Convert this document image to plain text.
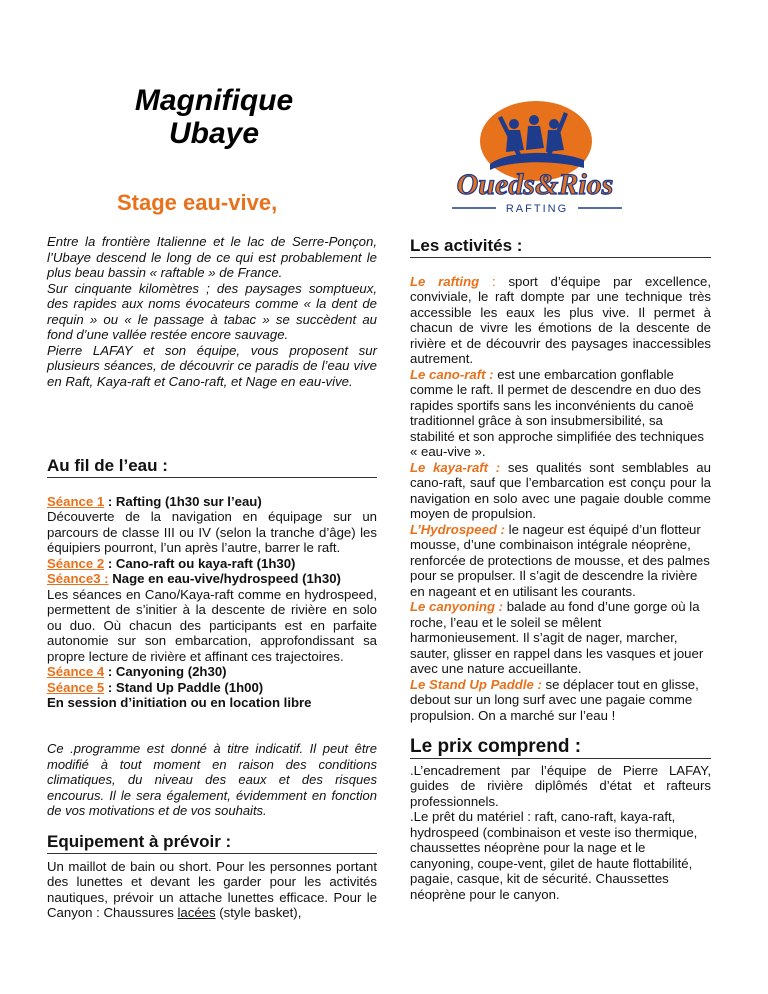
Magnifique
Ubaye
Stage eau-vive,
Oueds&Rios
RAFTING

Entre la frontière Italienne et le lac de Serre-Ponçon, l’Ubaye descend le long de ce qui est probablement le plus beau bassin « raftable » de France.

Sur cinquante kilomètres ; des paysages somptueux, des rapides aux noms évocateurs comme « la dent de requin » ou « le passage à tabac » se succèdent au fond d’une vallée restée encore sauvage.

Pierre LAFAY et son équipe, vous proposent sur plusieurs séances, de découvrir ce paradis de l’eau vive en Raft, Kaya-raft et Cano-raft, et Nage en eau-vive.

Au fil de l’eau :

Séance 1 : Rafting (1h30 sur l’eau)

Découverte de la navigation en équipage sur un parcours de classe III ou IV (selon la tranche d’âge) les équipiers pourront, l’un après l’autre, barrer le raft.

Séance 2 : Cano-raft ou kaya-raft (1h30)

Séance3 : Nage en eau-vive/hydrospeed (1h30)

Les séances en Cano/Kaya-raft comme en hydrospeed, permettent de s’initier à la descente de rivière en solo ou duo. Où chacun des participants est en parfaite autonomie sur son embarcation, approfondissant sa propre lecture de rivière et affinant ces trajectoires.

Séance 4 : Canyoning (2h30)

Séance 5 : Stand Up Paddle (1h00)

En session d’initiation ou en location libre

Ce .programme est donné à titre indicatif. Il peut être modifié à tout moment en raison des conditions climatiques, du niveau des eaux et des risques encourus. Il le sera également, évidemment en fonction de vos motivations et de vos souhaits.
Equipement à prévoir :

Un maillot de bain ou short. Pour les personnes portant des lunettes et devant les garder pour les activités nautiques, prévoir un attache lunettes efficace. Pour le Canyon : Chaussures lacées (style basket),

Les activités :

Le rafting : sport d’équipe par excellence, conviviale, le raft dompte par une technique très accessible les eaux les plus vive. Il permet à chacun de vivre les émotions de la descente de rivière et de découvrir des paysages inaccessibles autrement.

Le cano-raft : est une embarcation gonflable comme le raft. Il permet de descendre en duo des rapides sportifs sans les inconvénients du canoë traditionnel grâce à son insubmersibilité, sa stabilité et son approche simplifiée des techniques « eau-vive ».

Le kaya-raft : ses qualités sont semblables au cano-raft, sauf que l’embarcation est conçu pour la navigation en solo avec une pagaie double comme moyen de propulsion.

L’Hydrospeed : le nageur est équipé d’un flotteur mousse, d’une combinaison intégrale néoprène, renforcée de protections de mousse, et des palmes pour se propulser. Il s’agit de descendre la rivière en nageant et en utilisant les courants.

Le canyoning : balade au fond d’une gorge où la roche, l’eau et le soleil se mêlent harmonieusement. Il s’agit de nager, marcher, sauter, glisser en rappel dans les vasques et jouer avec une nature accueillante.

Le Stand Up Paddle : se déplacer tout en glisse, debout sur un long surf avec une pagaie comme propulsion. On a marché sur l’eau !

Le prix comprend :

.L’encadrement par l’équipe de Pierre LAFAY, guides de rivière diplômés d’état et rafteurs professionnels.

.Le prêt du matériel : raft, cano-raft, kaya-raft, hydrospeed (combinaison et veste iso thermique, chaussettes néoprène pour la nage et le canyoning, coupe-vent, gilet de haute flottabilité, pagaie, casque, kit de sécurité. Chaussettes néoprène pour le canyon.
